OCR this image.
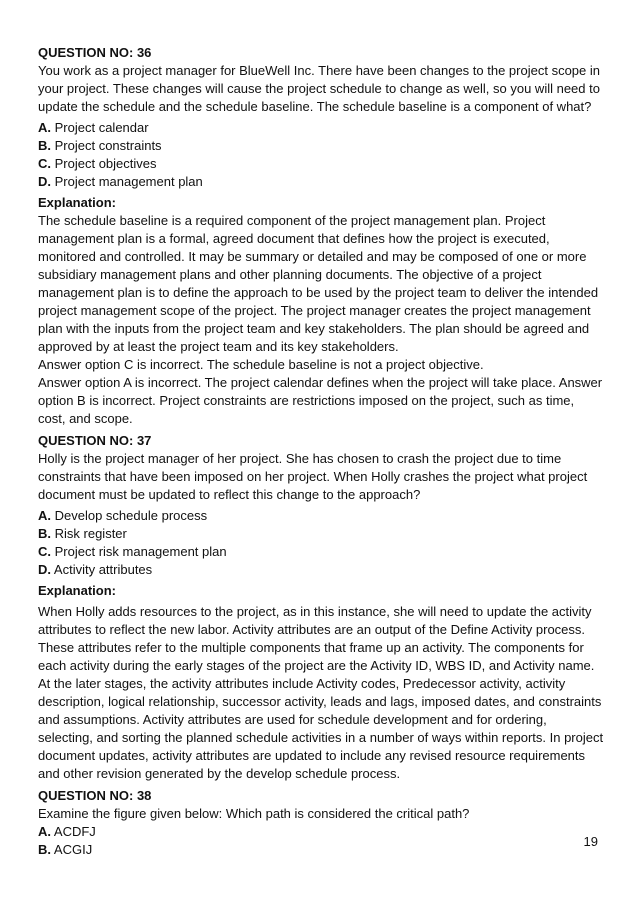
QUESTION NO: 36

You work as a project manager for BlueWell Inc. There have been changes to the project scope in your project. These changes will cause the project schedule to change as well, so you will need to update the schedule and the schedule baseline. The schedule baseline is a component of what?

A. Project calendar
B. Project constraints
C. Project objectives
D. Project management plan

Explanation:

The schedule baseline is a required component of the project management plan. Project management plan is a formal, agreed document that defines how the project is executed, monitored and controlled. It may be summary or detailed and may be composed of one or more subsidiary management plans and other planning documents. The objective of a project management plan is to define the approach to be used by the project team to deliver the intended project management scope of the project. The project manager creates the project management plan with the inputs from the project team and key stakeholders. The plan should be agreed and approved by at least the project team and its key stakeholders.

Answer option C is incorrect. The schedule baseline is not a project objective.

Answer option A is incorrect. The project calendar defines when the project will take place. Answer option B is incorrect. Project constraints are restrictions imposed on the project, such as time, cost, and scope.

QUESTION NO: 37

Holly is the project manager of her project. She has chosen to crash the project due to time constraints that have been imposed on her project. When Holly crashes the project what project document must be updated to reflect this change to the approach?

A. Develop schedule process
B. Risk register
C. Project risk management plan
D. Activity attributes

Explanation:

When Holly adds resources to the project, as in this instance, she will need to update the activity attributes to reflect the new labor. Activity attributes are an output of the Define Activity process. These attributes refer to the multiple components that frame up an activity. The components for each activity during the early stages of the project are the Activity ID, WBS ID, and Activity name. At the later stages, the activity attributes include Activity codes, Predecessor activity, activity description, logical relationship, successor activity, leads and lags, imposed dates, and constraints and assumptions. Activity attributes are used for schedule development and for ordering, selecting, and sorting the planned schedule activities in a number of ways within reports. In project document updates, activity attributes are updated to include any revised resource requirements and other revision generated by the develop schedule process.

QUESTION NO: 38

Examine the figure given below: Which path is considered the critical path?

A. ACDFJ
B. ACGIJ
19
